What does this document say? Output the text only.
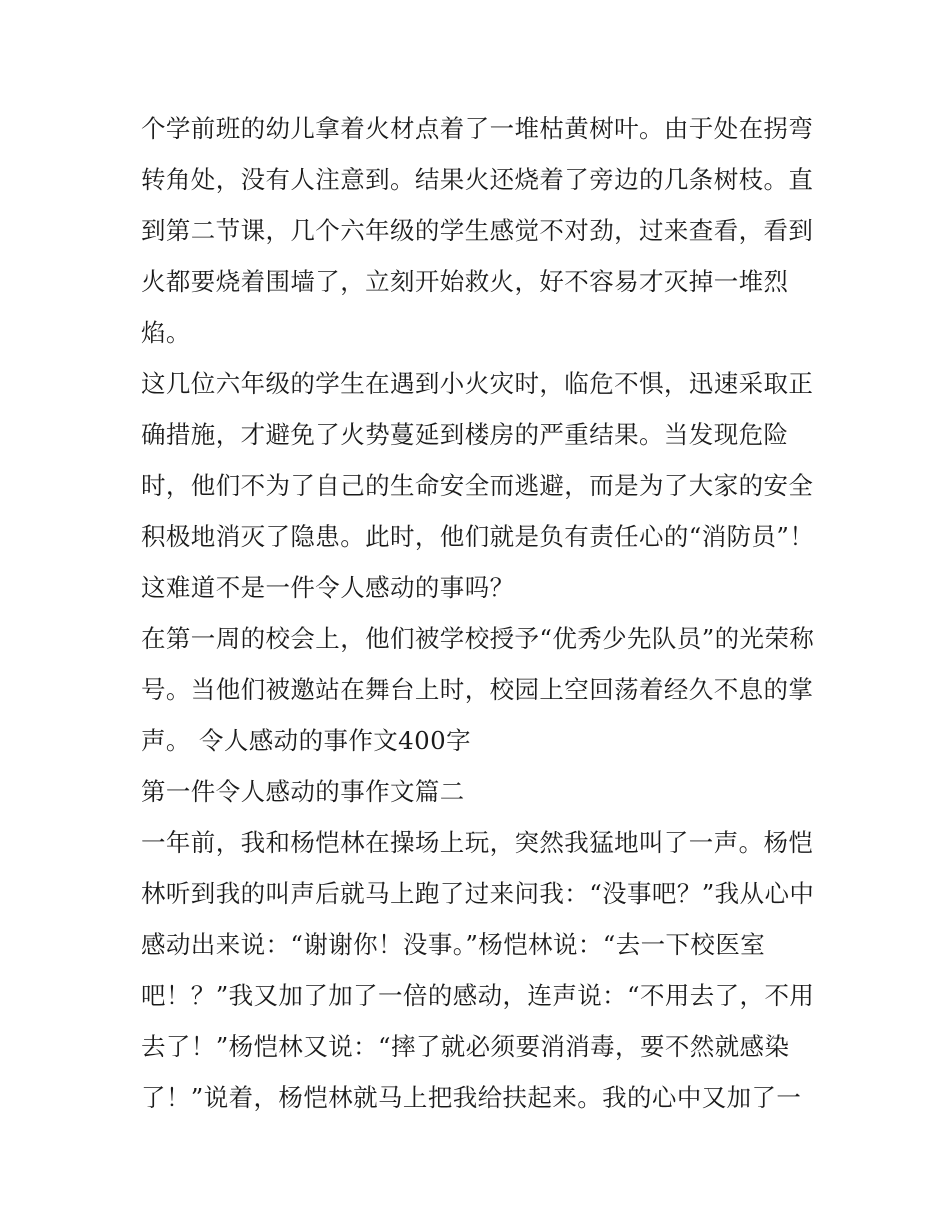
个学前班的幼儿拿着火材点着了一堆枯黄树叶。由于处在拐弯
转角处，没有人注意到。结果火还烧着了旁边的几条树枝。直
到第二节课，几个六年级的学生感觉不对劲，过来查看，看到
火都要烧着围墙了，立刻开始救火，好不容易才灭掉一堆烈
焰。
这几位六年级的学生在遇到小火灾时，临危不惧，迅速采取正
确措施，才避免了火势蔓延到楼房的严重结果。当发现危险
时，他们不为了自己的生命安全而逃避，而是为了大家的安全
积极地消灭了隐患。此时，他们就是负有责任心的“消防员”！
这难道不是一件令人感动的事吗？
在第一周的校会上，他们被学校授予“优秀少先队员”的光荣称
号。当他们被邀站在舞台上时，校园上空回荡着经久不息的掌
声。 令人感动的事作文400字
第一件令人感动的事作文篇二
一年前，我和杨恺林在操场上玩，突然我猛地叫了一声。杨恺
林听到我的叫声后就马上跑了过来问我：“没事吧？”我从心中
感动出来说：“谢谢你！没事。”杨恺林说：“去一下校医室
吧！？”我又加了加了一倍的感动，连声说：“不用去了，不用
去了！”杨恺林又说：“摔了就必须要消消毒，要不然就感染
了！”说着，杨恺林就马上把我给扶起来。我的心中又加了一
